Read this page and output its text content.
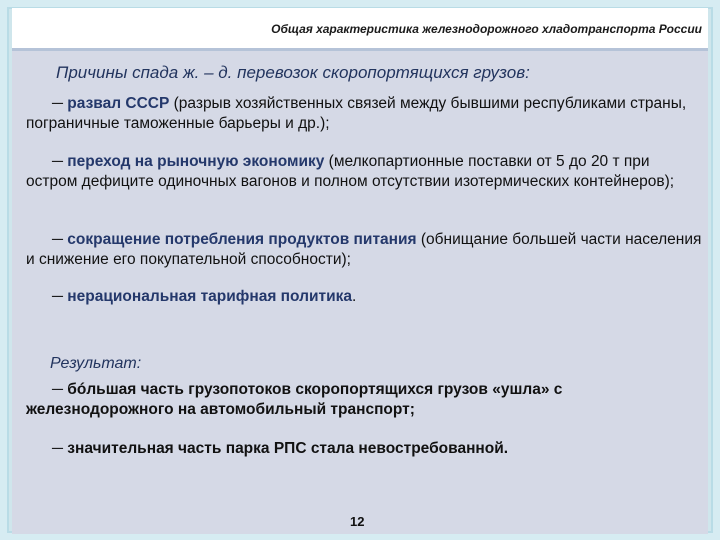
Общая характеристика железнодорожного хладотранспорта России
Причины спада ж. – д. перевозок скоропортящихся грузов:
─ развал СССР (разрыв хозяйственных связей между бывшими республиками страны, пограничные таможенные барьеры и др.);
─ переход на рыночную экономику (мелкопартионные поставки от 5 до 20 т при остром дефиците одиночных вагонов и полном отсутствии изотермических контейнеров);
─ сокращение потребления продуктов питания (обнищание большей части населения и снижение его покупательной способности);
─ нерациональная тарифная политика.
Результат:
─ бóльшая часть грузопотоков скоропортящихся грузов «ушла» с железнодорожного на автомобильный транспорт;
─ значительная часть парка РПС стала невостребованной.
12
